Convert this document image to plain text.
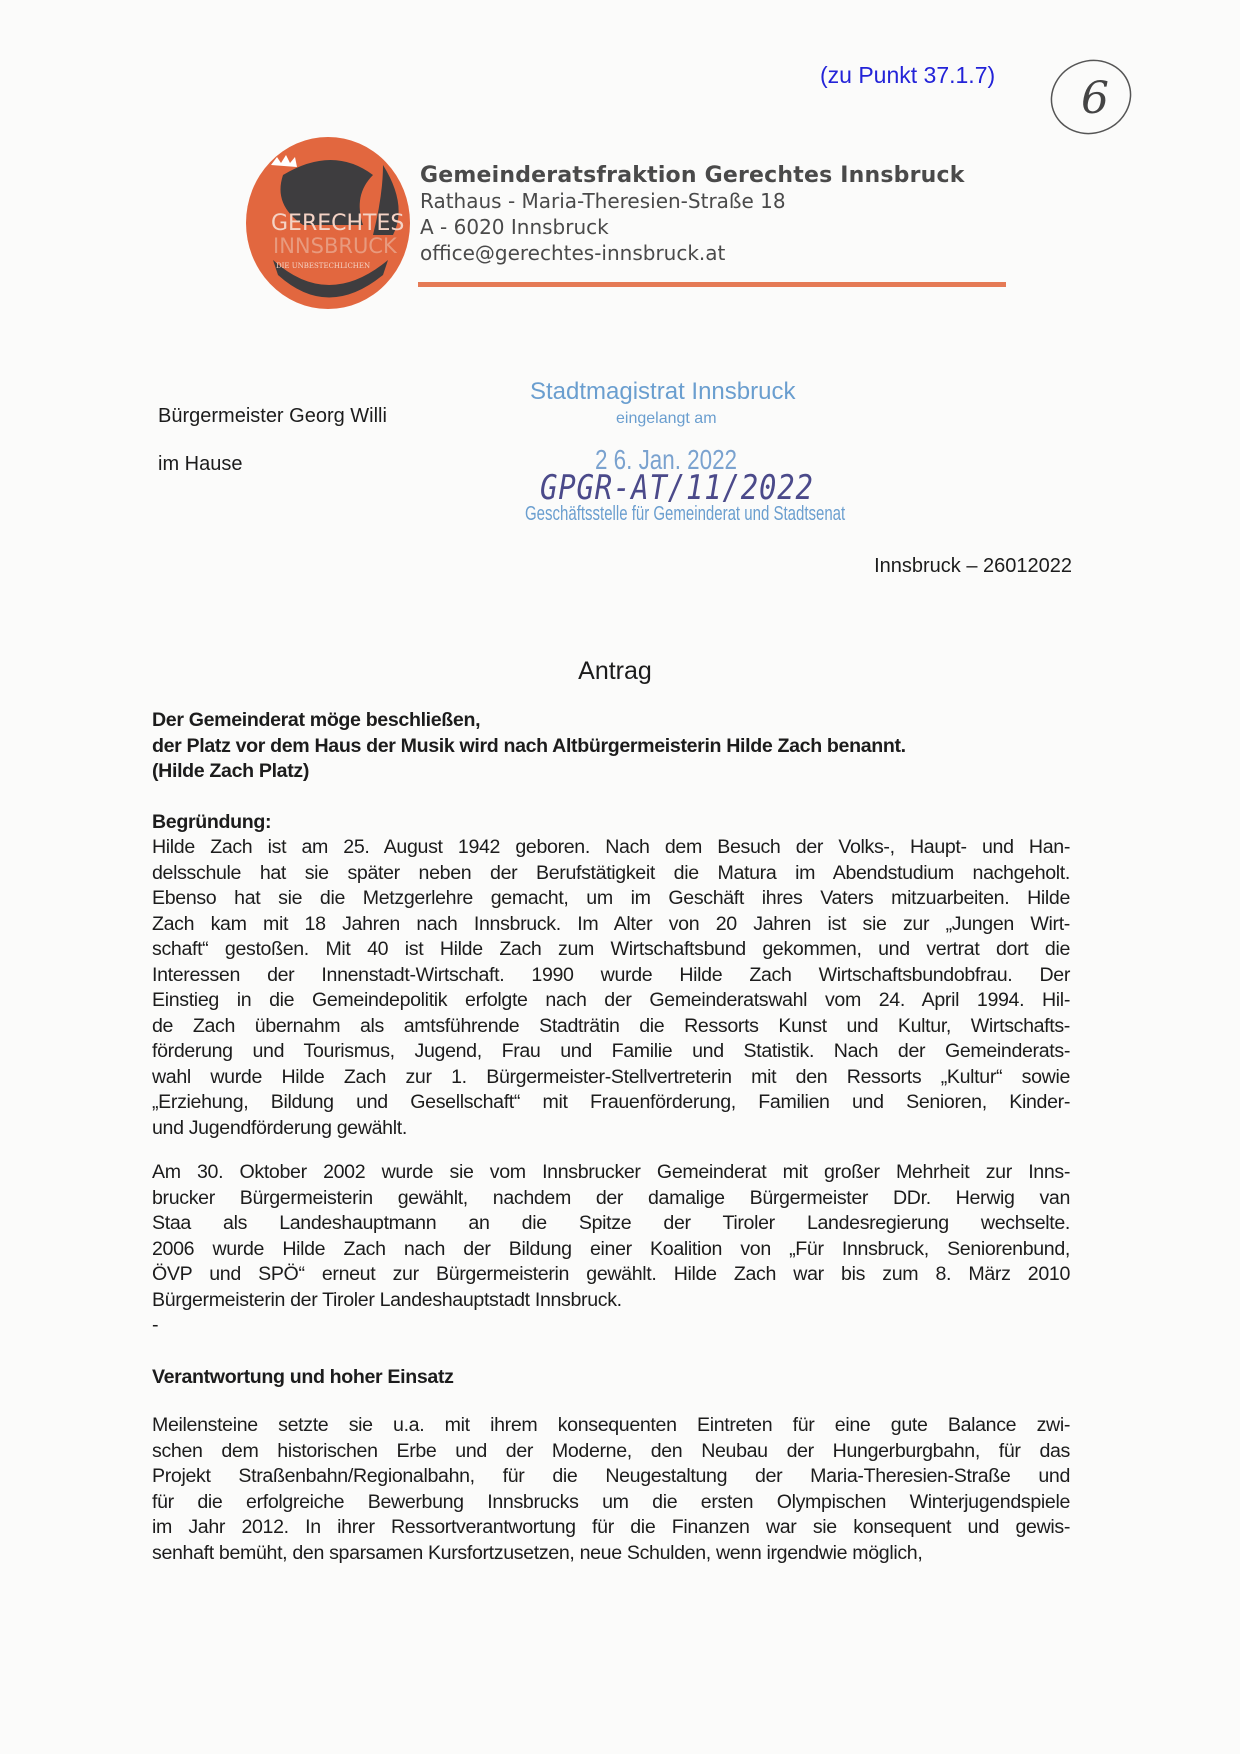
(zu Punkt 37.1.7) 6
GERECHTES
INNSBRUCK
DIE UNBESTECHLICHEN
Gemeinderatsfraktion Gerechtes Innsbruck
Rathaus - Maria-Theresien-Straße 18
A - 6020 Innsbruck
office@gerechtes-innsbruck.at
Bürgermeister Georg Willi
im Hause
Stadtmagistrat Innsbruck
eingelangt am
2 6. Jan. 2022
GPGR-AT/11/2022
Geschäftsstelle für Gemeinderat und Stadtsenat
Innsbruck – 26012022
Antrag
Der Gemeinderat möge beschließen,
der Platz vor dem Haus der Musik wird nach Altbürgermeisterin Hilde Zach benannt.
(Hilde Zach Platz)
Begründung:
Hilde Zach ist am 25. August 1942 geboren. Nach dem Besuch der Volks-, Haupt- und Han-
delsschule hat sie später neben der Berufstätigkeit die Matura im Abendstudium nachgeholt.
Ebenso hat sie die Metzgerlehre gemacht, um im Geschäft ihres Vaters mitzuarbeiten. Hilde
Zach kam mit 18 Jahren nach Innsbruck. Im Alter von 20 Jahren ist sie zur „Jungen Wirt-
schaft“ gestoßen. Mit 40 ist Hilde Zach zum Wirtschaftsbund gekommen, und vertrat dort die
Interessen der Innenstadt-Wirtschaft. 1990 wurde Hilde Zach Wirtschaftsbundobfrau. Der
Einstieg in die Gemeindepolitik erfolgte nach der Gemeinderatswahl vom 24. April 1994. Hil-
de Zach übernahm als amtsführende Stadträtin die Ressorts Kunst und Kultur, Wirtschafts-
förderung und Tourismus, Jugend, Frau und Familie und Statistik. Nach der Gemeinderats-
wahl wurde Hilde Zach zur 1. Bürgermeister-Stellvertreterin mit den Ressorts „Kultur“ sowie
„Erziehung, Bildung und Gesellschaft“ mit Frauenförderung, Familien und Senioren, Kinder-
und Jugendförderung gewählt.
Am 30. Oktober 2002 wurde sie vom Innsbrucker Gemeinderat mit großer Mehrheit zur Inns-
brucker Bürgermeisterin gewählt, nachdem der damalige Bürgermeister DDr. Herwig van
Staa als Landeshauptmann an die Spitze der Tiroler Landesregierung wechselte.
2006 wurde Hilde Zach nach der Bildung einer Koalition von „Für Innsbruck, Seniorenbund,
ÖVP und SPÖ“ erneut zur Bürgermeisterin gewählt. Hilde Zach war bis zum 8. März 2010
Bürgermeisterin der Tiroler Landeshauptstadt Innsbruck.
-
Verantwortung und hoher Einsatz
Meilensteine setzte sie u.a. mit ihrem konsequenten Eintreten für eine gute Balance zwi-
schen dem historischen Erbe und der Moderne, den Neubau der Hungerburgbahn, für das
Projekt Straßenbahn/Regionalbahn, für die Neugestaltung der Maria-Theresien-Straße und
für die erfolgreiche Bewerbung Innsbrucks um die ersten Olympischen Winterjugendspiele
im Jahr 2012. In ihrer Ressortverantwortung für die Finanzen war sie konsequent und gewis-
senhaft bemüht, den sparsamen Kursfortzusetzen, neue Schulden, wenn irgendwie möglich,
